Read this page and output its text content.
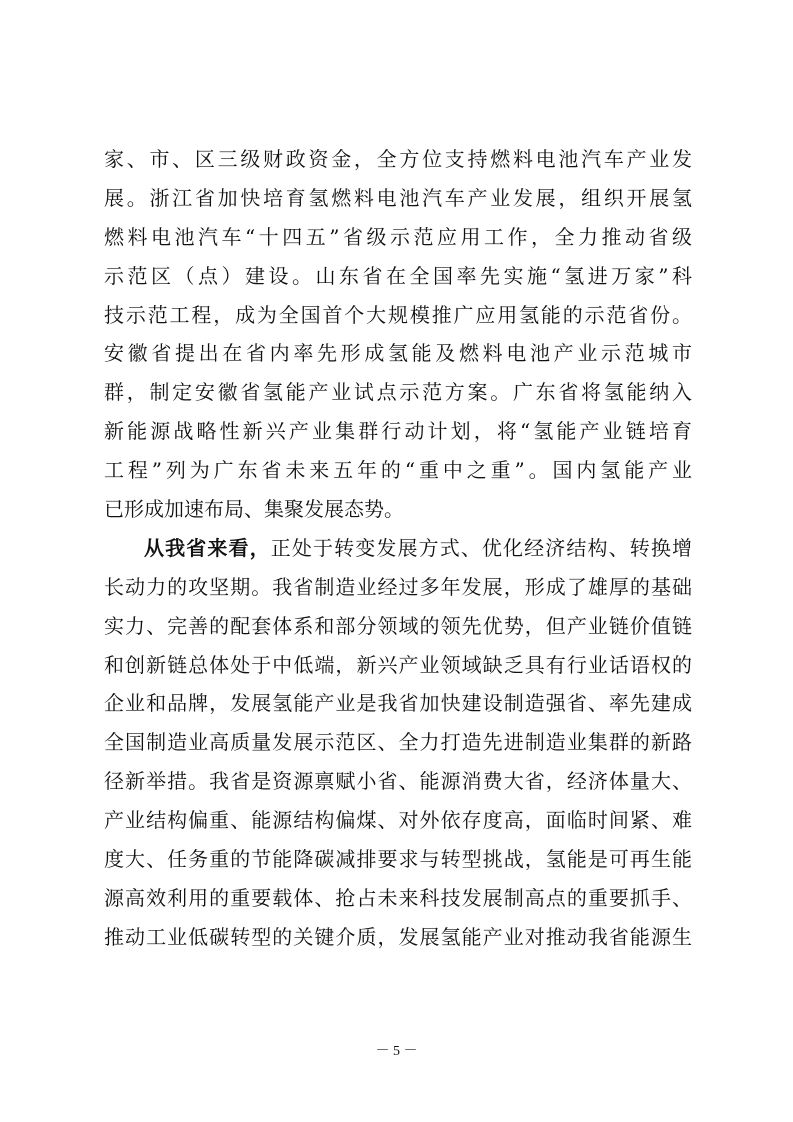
家、市、区三级财政资金，全方位支持燃料电池汽车产业发
展。浙江省加快培育氢燃料电池汽车产业发展，组织开展氢
燃料电池汽车“十四五”省级示范应用工作，全力推动省级
示范区（点）建设。山东省在全国率先实施“氢进万家”科
技示范工程，成为全国首个大规模推广应用氢能的示范省份。
安徽省提出在省内率先形成氢能及燃料电池产业示范城市
群，制定安徽省氢能产业试点示范方案。广东省将氢能纳入
新能源战略性新兴产业集群行动计划，将“氢能产业链培育
工程”列为广东省未来五年的“重中之重”。国内氢能产业
已形成加速布局、集聚发展态势。
从我省来看，正处于转变发展方式、优化经济结构、转换增
长动力的攻坚期。我省制造业经过多年发展，形成了雄厚的基础
实力、完善的配套体系和部分领域的领先优势，但产业链价值链
和创新链总体处于中低端，新兴产业领域缺乏具有行业话语权的
企业和品牌，发展氢能产业是我省加快建设制造强省、率先建成
全国制造业高质量发展示范区、全力打造先进制造业集群的新路
径新举措。我省是资源禀赋小省、能源消费大省，经济体量大、
产业结构偏重、能源结构偏煤、对外依存度高，面临时间紧、难
度大、任务重的节能降碳减排要求与转型挑战，氢能是可再生能
源高效利用的重要载体、抢占未来科技发展制高点的重要抓手、
推动工业低碳转型的关键介质，发展氢能产业对推动我省能源生
－ 5 －
